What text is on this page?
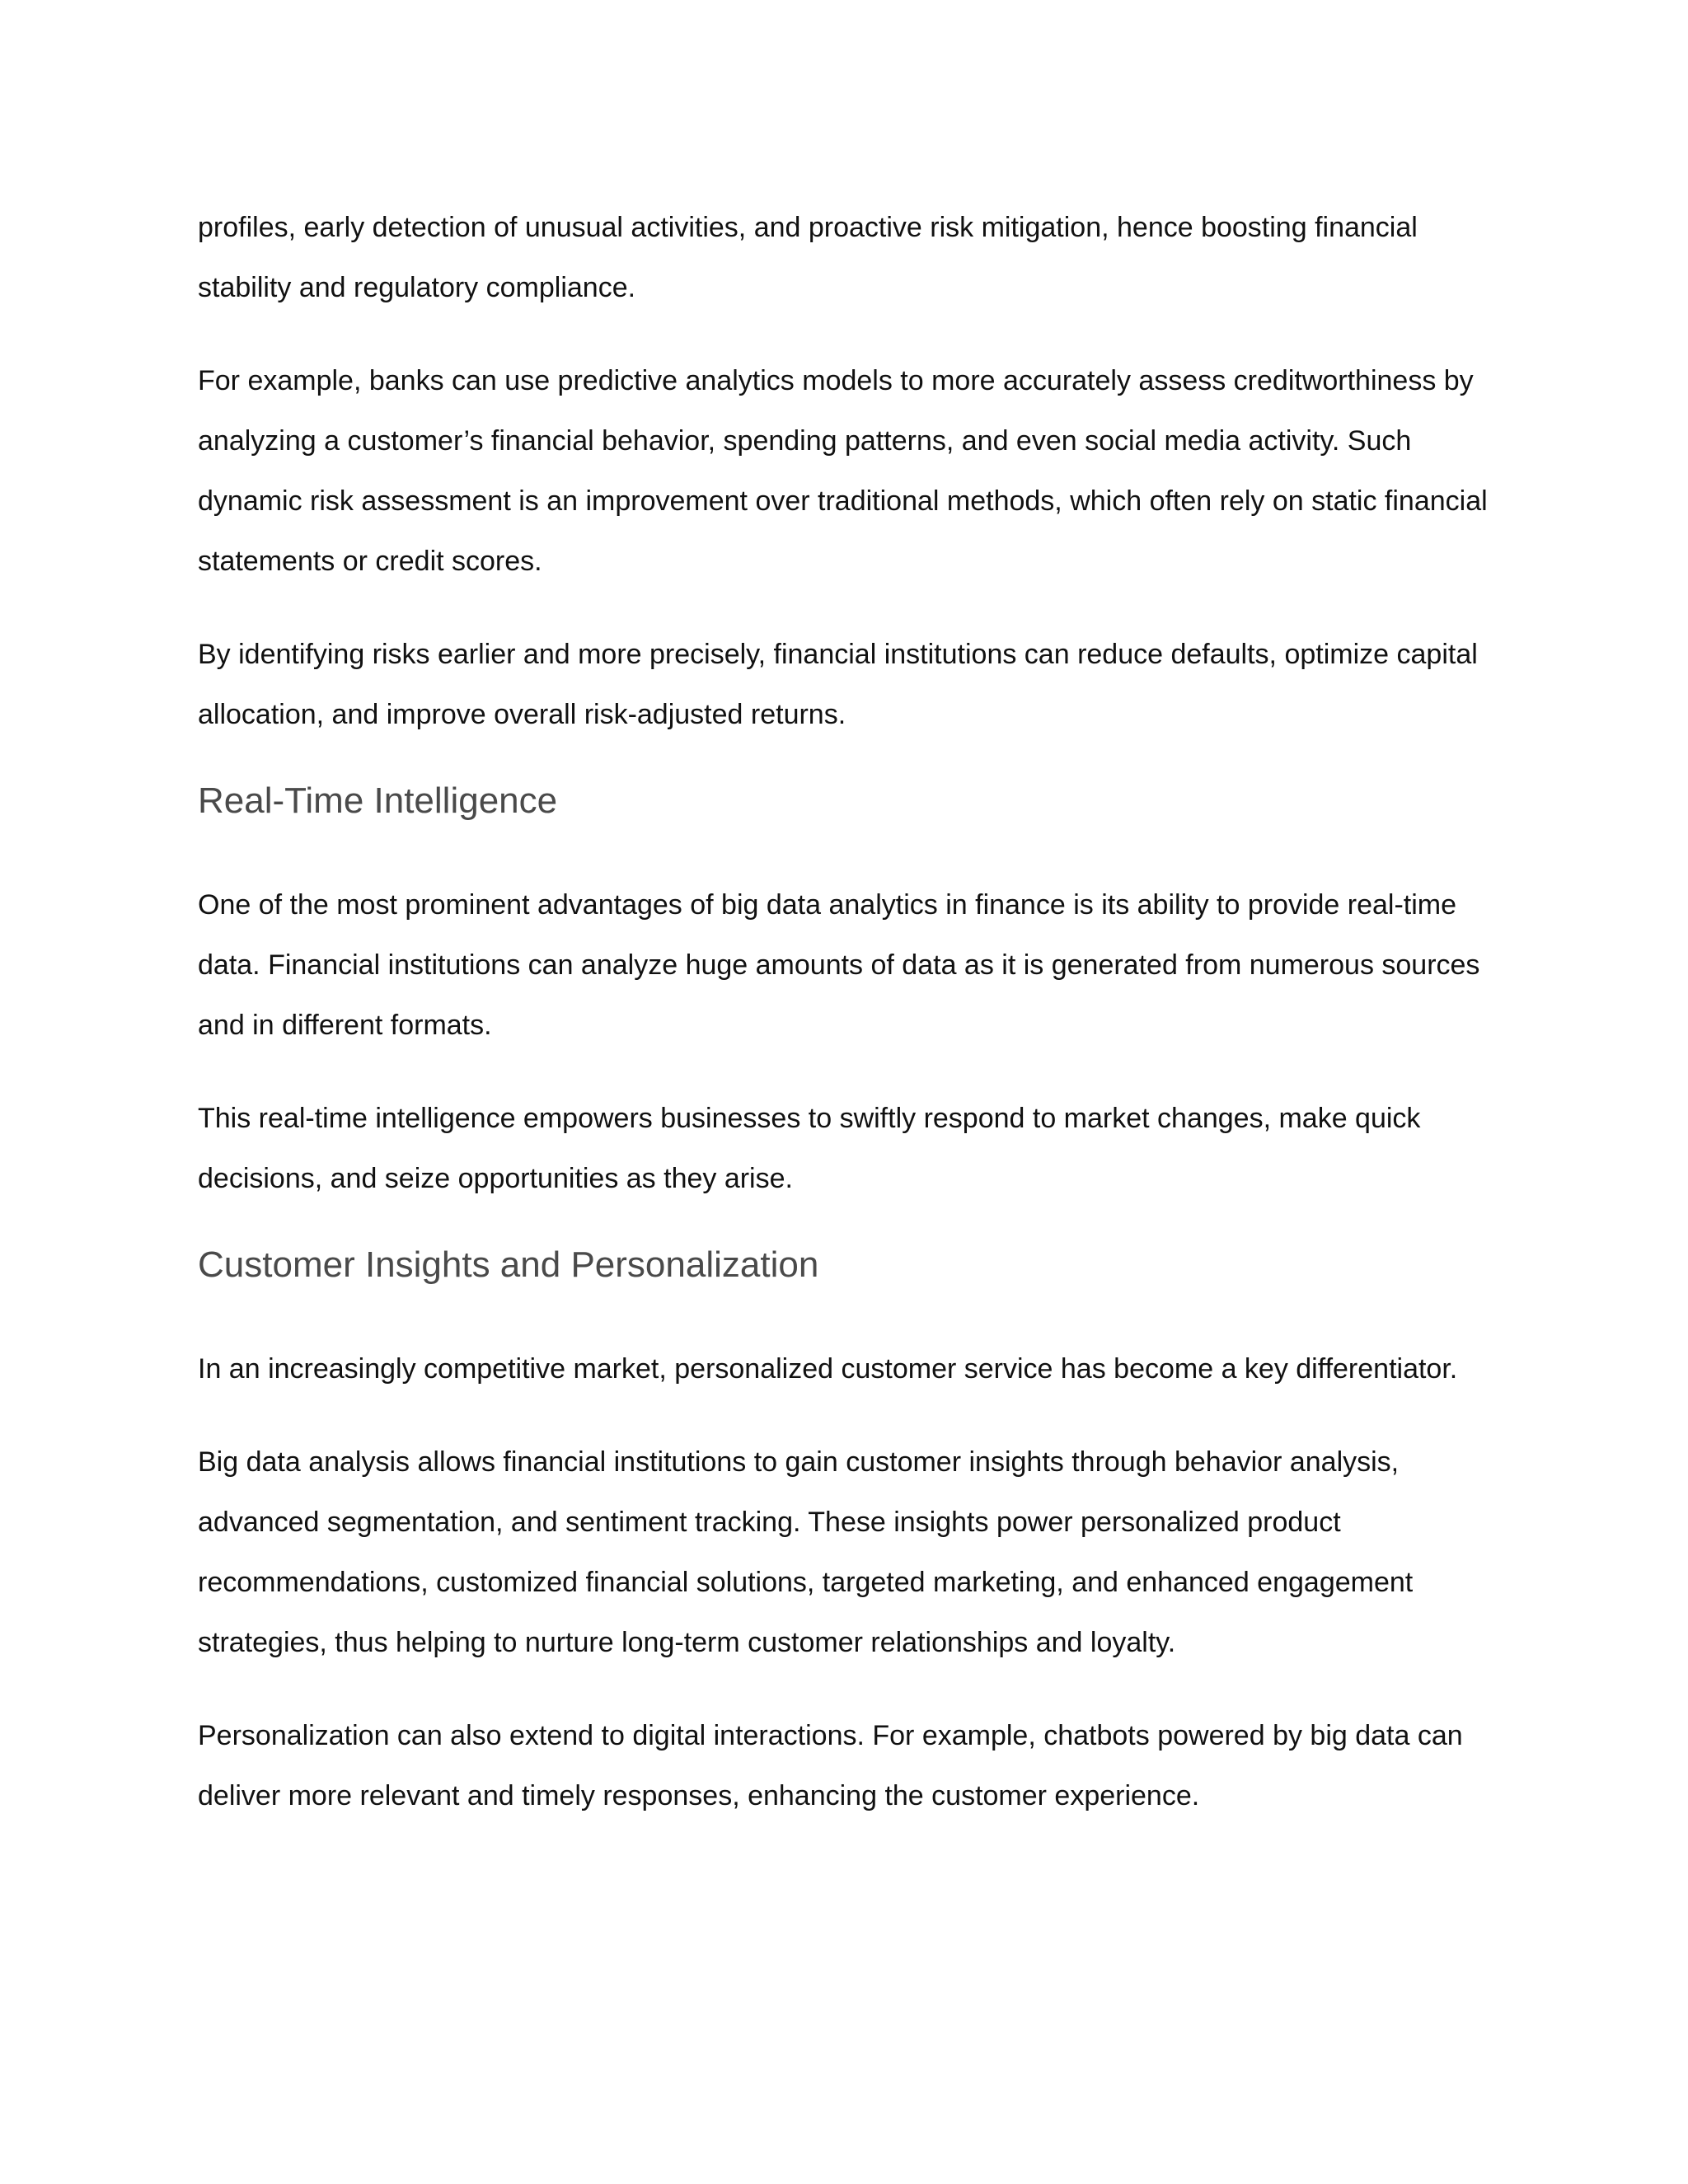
profiles, early detection of unusual activities, and proactive risk mitigation, hence boosting financial stability and regulatory compliance.

For example, banks can use predictive analytics models to more accurately assess creditworthiness by analyzing a customer’s financial behavior, spending patterns, and even social media activity. Such dynamic risk assessment is an improvement over traditional methods, which often rely on static financial statements or credit scores.

By identifying risks earlier and more precisely, financial institutions can reduce defaults, optimize capital allocation, and improve overall risk-adjusted returns.

Real-Time Intelligence

One of the most prominent advantages of big data analytics in finance is its ability to provide real-time data. Financial institutions can analyze huge amounts of data as it is generated from numerous sources and in different formats.

This real-time intelligence empowers businesses to swiftly respond to market changes, make quick decisions, and seize opportunities as they arise.

Customer Insights and Personalization

In an increasingly competitive market, personalized customer service has become a key differentiator.

Big data analysis allows financial institutions to gain customer insights through behavior analysis, advanced segmentation, and sentiment tracking. These insights power personalized product recommendations, customized financial solutions, targeted marketing, and enhanced engagement strategies, thus helping to nurture long-term customer relationships and loyalty.

Personalization can also extend to digital interactions. For example, chatbots powered by big data can deliver more relevant and timely responses, enhancing the customer experience.
